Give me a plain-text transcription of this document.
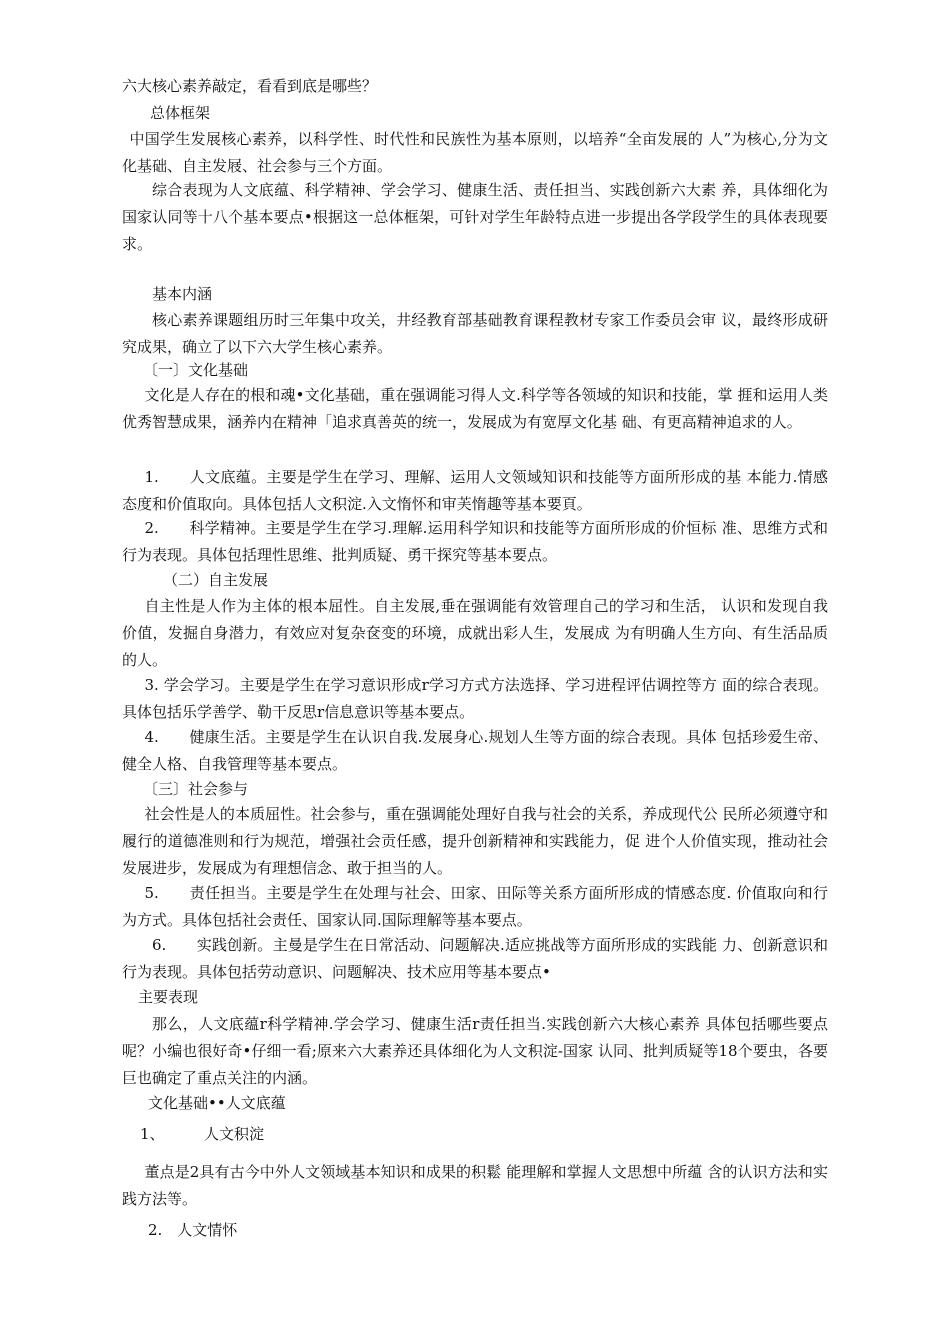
六大核心素养敲定，看看到底是哪些？
总体框架
中国学生发展核心素养，以科学性、时代性和民族性为基本原则，以培养“全亩发展的 人”为核心,分为文化基础、自主发屐、社会参与三个方面。
综合表现为人文底蕴、科学精神、学会学习、健康生活、责任担当、实践创新六大素 养，具体细化为国家认同等十八个基本要点•根据这一总体框架，可针对学生年龄特点进一步提出各学段学生的具体表现要求。
基本内涵
核心素养课题组历时三年集中攻关，井经教育部基础教育课程教材专家工作委员会审 议，最终形成研究成果，确立了以下六大学生核心素养。
〔一〕文化基础
文化是人存在的根和魂•文化基础，重在强调能习得人文.科学等各领域的知识和技能，掌 捱和运用人类优秀智慧成果，涵养内在精神「追求真善英的统一，发展成为有宽厚文化基 础、有更高精神追求的人。
1.　　人文底蕴。主要是学生在学习、理解、运用人文领域知识和技能等方面所形成的基 本能力.情感态度和价值取向。具体包括人文积淀.入文惰怀和审芙惰趣等基本要頁。
2.　　科学精神。主要是学生在学习.理解.运用科学知识和技能等方面所形成的价恒标 准、思维方式和行为表现。具体包括理性思维、批判质疑、勇干探究等基本要点。
（二）自主发展
自主性是人作为主体的根本屈性。自主发展,垂在强调能有效管理自己的学习和生活， 认识和发现自我价值，发掘自身潜力，有效应对复杂奁变的环境，成就出彩人生，发展成 为有明确人生方向、有生活品质的人。
3. 学会学习。主要是学生在学习意识形成r学习方式方法选择、学习进程评估调控等方 面的综合表现。具体包括乐学善学、勒干反思r信息意识等基本要点。
4.　　健康生活。主要是学生在认识自我.发展身心.规划人生等方面的综合表现。具体 包括珍爱生帝、健全人格、自我管理等基本要点。
〔三〕社会参与
社会性是人的本质屈性。社会参与，重在强调能处理好自我与社会的关系，养成现代公 民所必须遵守和履行的道德准则和行为规范，增强社会贡任感，提升创新精神和实践能力，促 进个人价值实现，推动社会发展进步，发展成为有理想信念、敢于担当的人。
5.　　责任担当。主要是学生在处理与社会、田家、田际等关系方面所形成的情感态度. 价值取向和行为方式。具体包括社会责任、国家认同.国际理解等基本要点。
6.　　实践创新。主曼是学生在日常活动、问题解决.适应挑战等方面所形成的实践能 力、创新意识和行为表现。具体包括劳动意识、问题解决、技术应用等基本要点•
主要表现
那么，人文底蕴r科学精神.学会学习、健康生活r责任担当.实践创新六大核心素养 具体包括哪些要点呢？小编也很好奇•仔细一看;原来六大素养还具体细化为人文积淀-国家 认同、批判质疑等18个要虫，各要巨也确定了重点关注的内涵。
文化基础••人文底蕴
1、	人文积淀
董点是2具有古今中外人文领域基本知识和成果的积鬆 能理解和掌握人文思想中所蕴 含的认识方法和实践方法等。
2.　人文情怀
